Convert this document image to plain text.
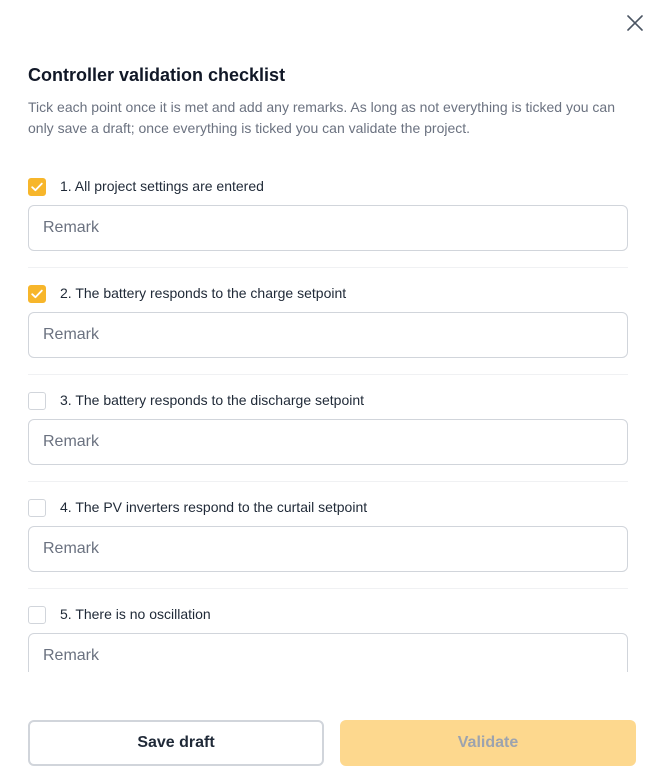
Controller validation checklist

Tick each point once it is met and add any remarks. As long as not everything is ticked you can only save a draft; once everything is ticked you can validate the project.

1. All project settings are entered
Remark
2. The battery responds to the charge setpoint
Remark
3. The battery responds to the discharge setpoint
Remark
4. The PV inverters respond to the curtail setpoint
Remark
5. There is no oscillation
Remark
Save draft	Validate
